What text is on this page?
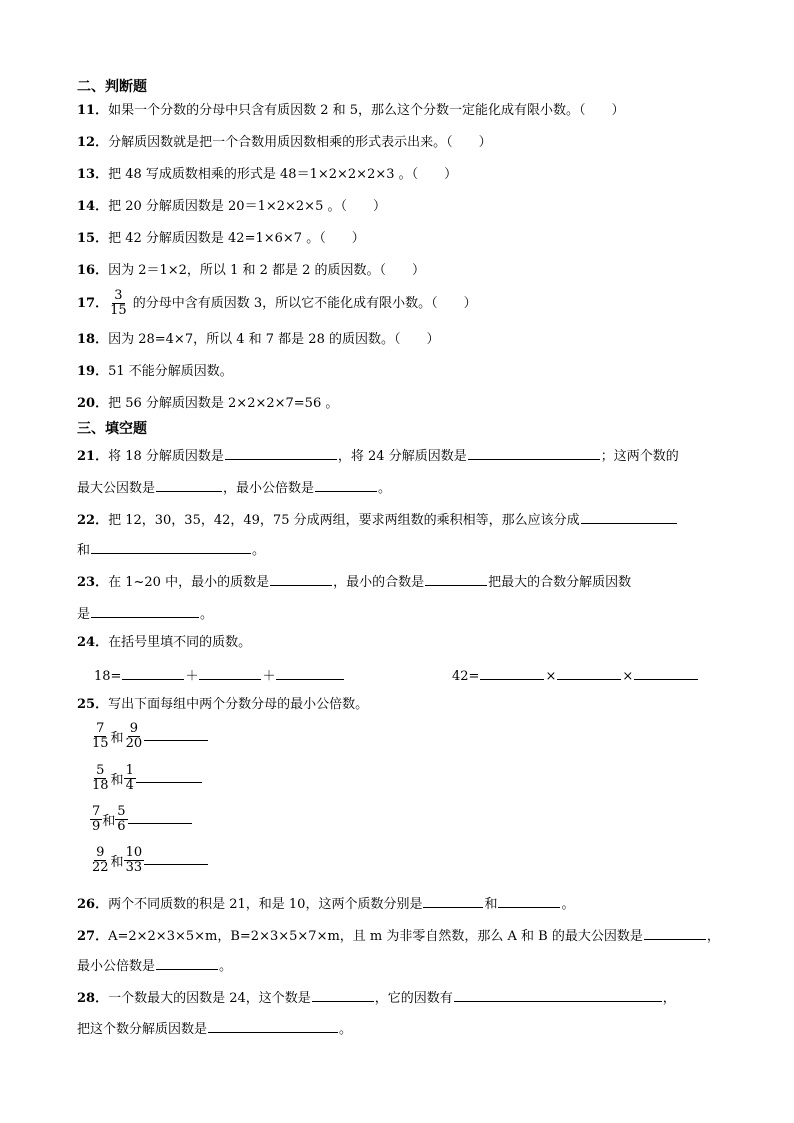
二、判断题
11．如果一个分数的分母中只含有质因数 2 和 5，那么这个分数一定能化成有限小数。（　　）
12．分解质因数就是把一个合数用质因数相乘的形式表示出来。（　　）
13．把 48 写成质数相乘的形式是 48＝1×2×2×2×3 。（　　）
14．把 20 分解质因数是 20＝1×2×2×5 。（　　）
15．把 42 分解质因数是 42=1×6×7 。（　　）
16．因为 2＝1×2，所以 1 和 2 都是 2 的质因数。（　　）
17． $\frac{3}{15}$ 的分母中含有质因数 3，所以它不能化成有限小数。（　　）
18．因为 28=4×7，所以 4 和 7 都是 28 的质因数。（　　）
19．51 不能分解质因数。
20．把 56 分解质因数是 2×2×2×7=56 。
三、填空题
21．将 18 分解质因数是	，将 24 分解质因数是	；这两个数的
最大公因数是	，最小公倍数是	。
22．把 12，30，35，42，49，75 分成两组，要求两组数的乘积相等，那么应该分成
和	。
23．在 1~20 中，最小的质数是	，最小的合数是	把最大的合数分解质因数
是	。
24．在括号里填不同的质数。
18=	＋	＋	42=	×	×
25．写出下面每组中两个分数分母的最小公倍数。
$\frac{7}{15}$ 和 $\frac{9}{20}$
$\frac{5}{18}$ 和 $\frac{1}{4}$
$\frac{7}{9}$ 和 $\frac{5}{6}$
$\frac{9}{22}$ 和 $\frac{10}{33}$
26．两个不同质数的积是 21，和是 10，这两个质数分别是	和	。
27．A=2×2×3×5×m，B=2×3×5×7×m，且 m 为非零自然数，那么 A 和 B 的最大公因数是	，
最小公倍数是	。
28．一个数最大的因数是 24，这个数是	，它的因数有	，
把这个数分解质因数是	。
